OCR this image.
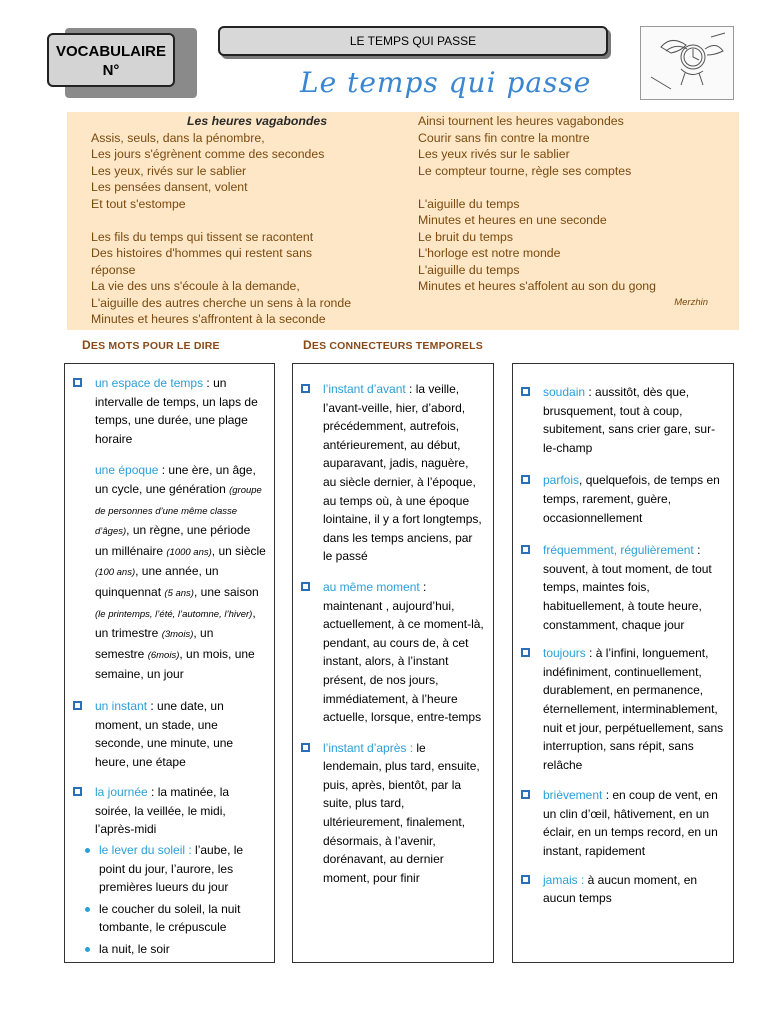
VOCABULAIRE
N°
LE TEMPS QUI PASSE
Le temps qui passe
Les heures vagabondes
Assis, seuls, dans la pénombre,
Les jours s'égrènent comme des secondes
Les yeux, rivés sur le sablier
Les pensées dansent, volent
Et tout s'estompe
Les fils du temps qui tissent se racontent
Des histoires d'hommes qui restent sans
réponse
La vie des uns s'écoule à la demande,
L'aiguille des autres cherche un sens à la ronde
Minutes et heures s'affrontent à la seconde
Ainsi tournent les heures vagabondes
Courir sans fin contre la montre
Les yeux rivés sur le sablier
Le compteur tourne, règle ses comptes
L'aiguille du temps
Minutes et heures en une seconde
Le bruit du temps
L'horloge est notre monde
L'aiguille du temps
Minutes et heures s'affolent au son du gong
Merzhin
DES MOTS POUR LE DIRE	DES CONNECTEURS TEMPORELS
un espace de temps : un intervalle de temps, un laps de temps, une durée, une plage horaire
une époque : une ère, un âge, un cycle, une génération (groupe de personnes d’une même classe d’âges), un règne, une période
un millénaire (1000 ans), un siècle (100 ans), une année, un quinquennat (5 ans), une saison (le printemps, l’été, l’automne, l’hiver), un trimestre (3mois), un semestre (6mois), un mois, une semaine, un jour
un instant : une date, un moment, un stade, une seconde, une minute, une heure, une étape
la journée : la matinée, la soirée, la veillée, le midi, l’après-midi
le lever du soleil : l’aube, le point du jour, l’aurore, les premières lueurs du jour
le coucher du soleil, la nuit tombante, le crépuscule
la nuit, le soir
l’instant d’avant : la veille, l’avant-veille, hier, d’abord, précédemment, autrefois, antérieurement, au début, auparavant, jadis, naguère, au siècle dernier, à l’époque, au temps où, à une époque lointaine, il y a fort longtemps, dans les temps anciens, par le passé
au même moment : maintenant , aujourd’hui, actuellement, à ce moment-là, pendant, au cours de, à cet instant, alors, à l’instant présent, de nos jours, immédiatement, à l’heure actuelle, lorsque, entre-temps
l’instant d’après : le lendemain, plus tard, ensuite, puis, après, bientôt, par la suite, plus tard, ultérieurement, finalement, désormais, à l’avenir, dorénavant, au dernier moment, pour finir
soudain : aussitôt, dès que, brusquement, tout à coup, subitement, sans crier gare, sur-le-champ
parfois, quelquefois, de temps en temps, rarement, guère, occasionnellement
fréquemment, régulièrement : souvent, à tout moment, de tout temps, maintes fois, habituellement, à toute heure, constamment, chaque jour
toujours : à l’infini, longuement, indéfiniment, continuellement, durablement, en permanence, éternellement, interminablement, nuit et jour, perpétuellement, sans interruption, sans répit, sans relâche
brièvement : en coup de vent, en un clin d’œil, hâtivement, en un éclair, en un temps record, en un instant, rapidement
jamais : à aucun moment, en aucun temps
